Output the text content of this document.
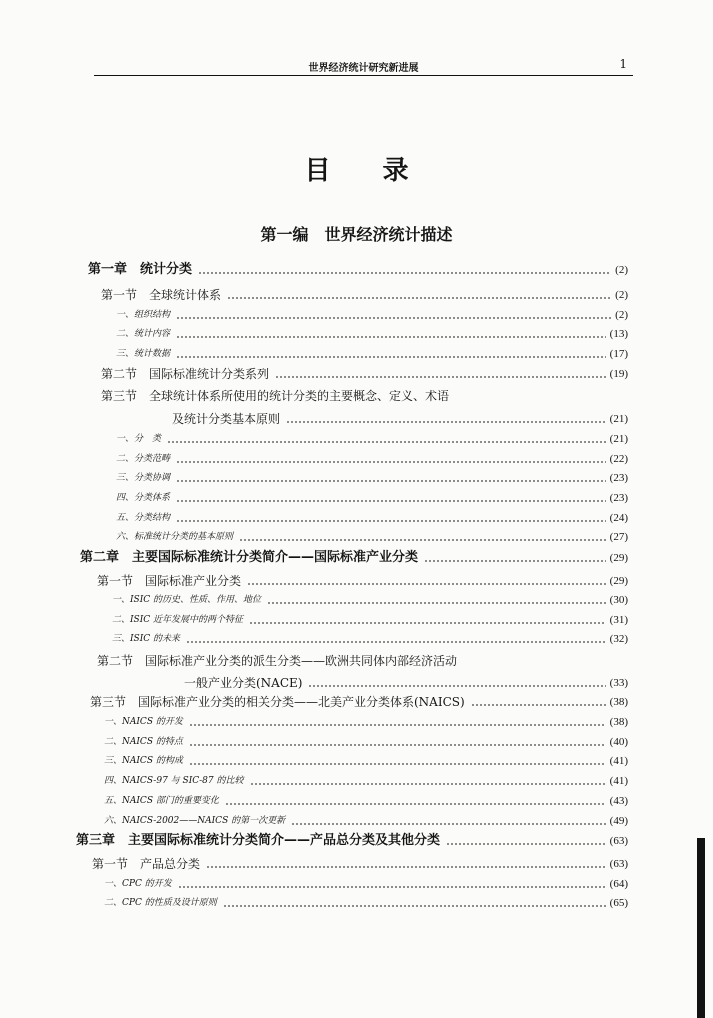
世界经济统计研究新进展	1
目　　录
第一编　世界经济统计描述
第一章　统计分类	(2)
第一节　全球统计体系	(2)
一、组织结构	(2)
二、统计内容	(13)
三、统计数据	(17)
第二节　国际标准统计分类系列	(19)
第三节　全球统计体系所使用的统计分类的主要概念、定义、术语
及统计分类基本原则	(21)
一、分　类	(21)
二、分类范畴	(22)
三、分类协调	(23)
四、分类体系	(23)
五、分类结构	(24)
六、标准统计分类的基本原则	(27)
第二章　主要国际标准统计分类简介——国际标准产业分类	(29)
第一节　国际标准产业分类	(29)
一、ISIC 的历史、性质、作用、地位	(30)
二、ISIC 近年发展中的两个特征	(31)
三、ISIC 的未来	(32)
第二节　国际标准产业分类的派生分类——欧洲共同体内部经济活动
一般产业分类(NACE)	(33)
第三节　国际标准产业分类的相关分类——北美产业分类体系(NAICS)	(38)
一、NAICS 的开发	(38)
二、NAICS 的特点	(40)
三、NAICS 的构成	(41)
四、NAICS-97 与 SIC-87 的比较	(41)
五、NAICS 部门的重要变化	(43)
六、NAICS-2002——NAICS 的第一次更新	(49)
第三章　主要国际标准统计分类简介——产品总分类及其他分类	(63)
第一节　产品总分类	(63)
一、CPC 的开发	(64)
二、CPC 的性质及设计原则	(65)
